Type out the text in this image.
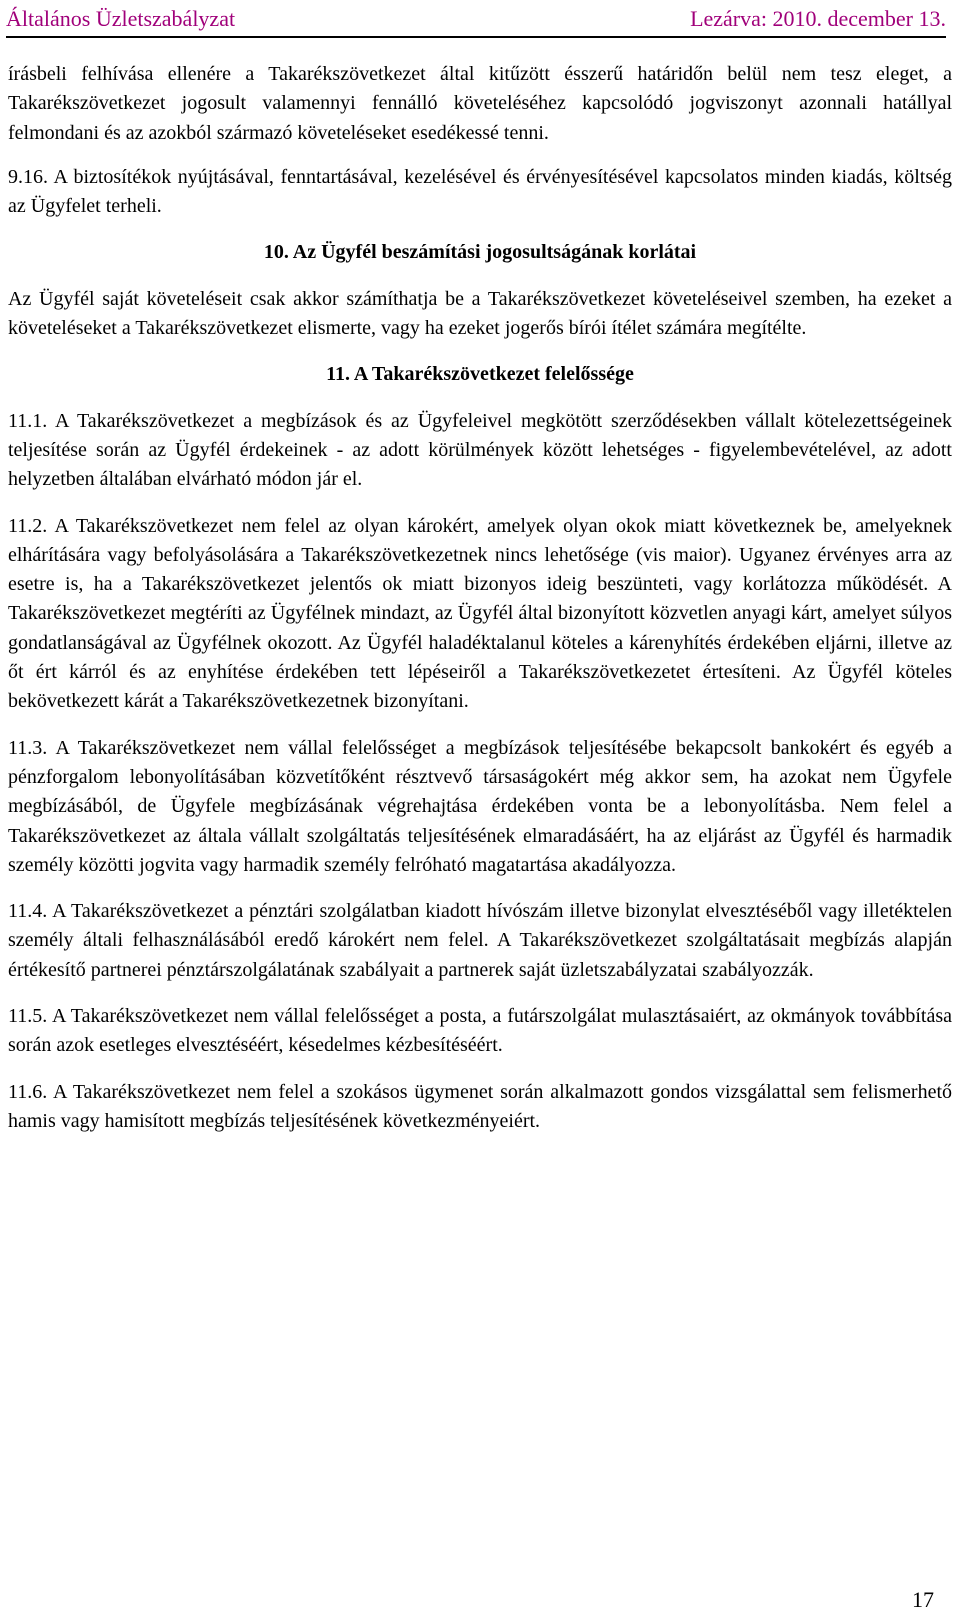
Általános Üzletszabályzat	Lezárva: 2010. december 13.

írásbeli felhívása ellenére a Takarékszövetkezet által kitűzött ésszerű határidőn belül nem tesz eleget, a Takarékszövetkezet jogosult valamennyi fennálló követeléséhez kapcsolódó jogviszonyt azonnali hatállyal felmondani és az azokból származó követeléseket esedékessé tenni.

9.16. A biztosítékok nyújtásával, fenntartásával, kezelésével és érvényesítésével kapcsolatos minden kiadás, költség az Ügyfelet terheli.

10. Az Ügyfél beszámítási jogosultságának korlátai

Az Ügyfél saját követeléseit csak akkor számíthatja be a Takarékszövetkezet követeléseivel szemben, ha ezeket a követeléseket a Takarékszövetkezet elismerte, vagy ha ezeket jogerős bírói ítélet számára megítélte.

11. A Takarékszövetkezet felelőssége

11.1. A Takarékszövetkezet a megbízások és az Ügyfeleivel megkötött szerződésekben vállalt kötelezettségeinek teljesítése során az Ügyfél érdekeinek - az adott körülmények között lehetséges - figyelembevételével, az adott helyzetben általában elvárható módon jár el.

11.2. A Takarékszövetkezet nem felel az olyan károkért, amelyek olyan okok miatt következnek be, amelyeknek elhárítására vagy befolyásolására a Takarékszövetkezetnek nincs lehetősége (vis maior). Ugyanez érvényes arra az esetre is, ha a Takarékszövetkezet jelentős ok miatt bizonyos ideig beszünteti, vagy korlátozza működését. A Takarékszövetkezet megtéríti az Ügyfélnek mindazt, az Ügyfél által bizonyított közvetlen anyagi kárt, amelyet súlyos gondatlanságával az Ügyfélnek okozott. Az Ügyfél haladéktalanul köteles a kárenyhítés érdekében eljárni, illetve az őt ért kárról és az enyhítése érdekében tett lépéseiről a Takarékszövetkezetet értesíteni. Az Ügyfél köteles bekövetkezett kárát a Takarékszövetkezetnek bizonyítani.

11.3. A Takarékszövetkezet nem vállal felelősséget a megbízások teljesítésébe bekapcsolt bankokért és egyéb a pénzforgalom lebonyolításában közvetítőként résztvevő társaságokért még akkor sem, ha azokat nem Ügyfele megbízásából, de Ügyfele megbízásának végrehajtása érdekében vonta be a lebonyolításba. Nem felel a Takarékszövetkezet az általa vállalt szolgáltatás teljesítésének elmaradásáért, ha az eljárást az Ügyfél és harmadik személy közötti jogvita vagy harmadik személy felróható magatartása akadályozza.

11.4. A Takarékszövetkezet a pénztári szolgálatban kiadott hívószám illetve bizonylat elvesztéséből vagy illetéktelen személy általi felhasználásából eredő károkért nem felel. A Takarékszövetkezet szolgáltatásait megbízás alapján értékesítő partnerei pénztárszolgálatának szabályait a partnerek saját üzletszabályzatai szabályozzák.

11.5. A Takarékszövetkezet nem vállal felelősséget a posta, a futárszolgálat mulasztásaiért, az okmányok továbbítása során azok esetleges elvesztéséért, késedelmes kézbesítéséért.

11.6. A Takarékszövetkezet nem felel a szokásos ügymenet során alkalmazott gondos vizsgálattal sem felismerhető hamis vagy hamisított megbízás teljesítésének következményeiért.

17
